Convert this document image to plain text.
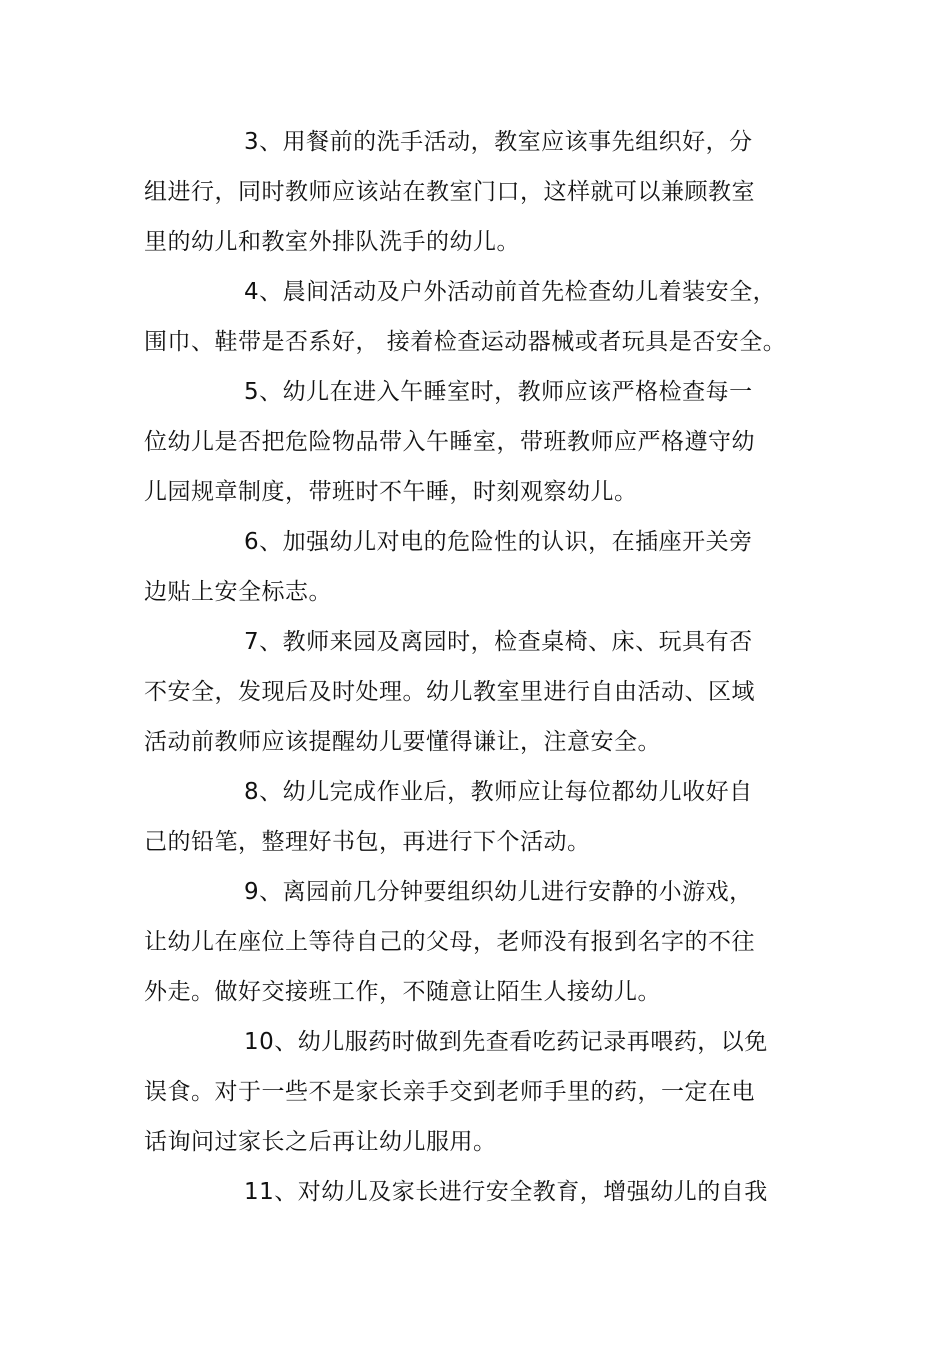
3、用餐前的洗手活动，教室应该事先组织好，分
组进行，同时教师应该站在教室门口，这样就可以兼顾教室
里的幼儿和教室外排队洗手的幼儿。
4、晨间活动及户外活动前首先检查幼儿着装安全，
围巾、鞋带是否系好， 接着检查运动器械或者玩具是否安全。
5、幼儿在进入午睡室时，教师应该严格检查每一
位幼儿是否把危险物品带入午睡室，带班教师应严格遵守幼
儿园规章制度，带班时不午睡，时刻观察幼儿。
6、加强幼儿对电的危险性的认识，在插座开关旁
边贴上安全标志。
7、教师来园及离园时，检查桌椅、床、玩具有否
不安全，发现后及时处理。幼儿教室里进行自由活动、区域
活动前教师应该提醒幼儿要懂得谦让，注意安全。
8、幼儿完成作业后，教师应让每位都幼儿收好自
己的铅笔，整理好书包，再进行下个活动。
9、离园前几分钟要组织幼儿进行安静的小游戏，
让幼儿在座位上等待自己的父母，老师没有报到名字的不往
外走。做好交接班工作，不随意让陌生人接幼儿。
10、幼儿服药时做到先查看吃药记录再喂药，以免
误食。对于一些不是家长亲手交到老师手里的药，一定在电
话询问过家长之后再让幼儿服用。
11、对幼儿及家长进行安全教育，增强幼儿的自我
